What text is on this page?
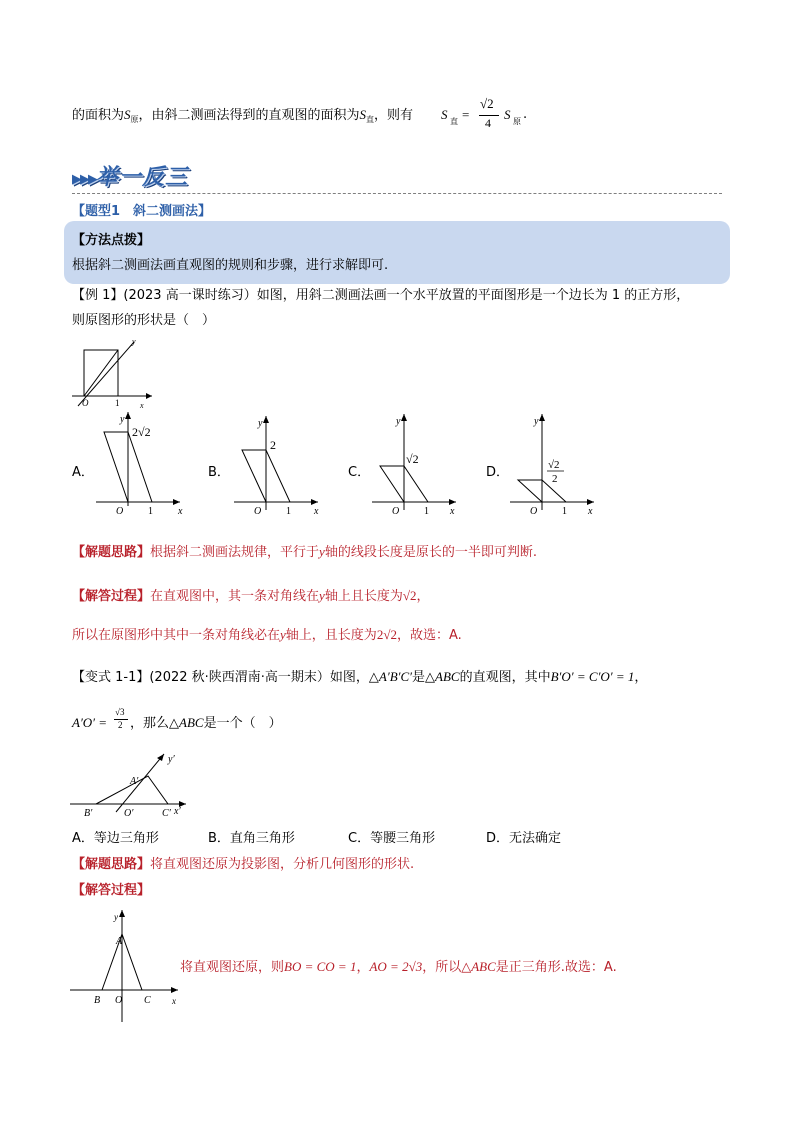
的面积为$S_原$，由斜二测画法得到的直观图的面积为$S_直$，则有 S 直 =
√2
4
S 原 .
▶▶▶举一反三
【题型1　斜二测画法】
【方法点拨】
根据斜二测画法画直观图的规则和步骤，进行求解即可.
【例 1】(2023 高一课时练习）如图，用斜二测画法画一个水平放置的平面图形是一个边长为 1 的正方形，
则原图形的形状是（　）
y
x
O	1
A．
y
x
O 1
2√2
B．
y
x
O 1
2
C．
y
x
O 1
√2
D．
y
x
O 1
√2
2
【解题思路】根据斜二测画法规律，平行于y轴的线段长度是原长的一半即可判断.
【解答过程】在直观图中，其一条对角线在y轴上且长度为√2，
所以在原图形中其中一条对角线必在y轴上，且长度为2√2，故选：A.
【变式 1-1】(2022 秋·陕西渭南·高一期末）如图，△A′B′C′是△ABC的直观图，其中B′O′ = C′O′ = 1，
A′O′ =
√3
2 ，那么△ABC是一个（　）
A′
B′	O′	C′ x′
y′
A．等边三角形	B．直角三角形	C．等腰三角形	D．无法确定
【解题思路】将直观图还原为投影图，分析几何图形的形状.
【解答过程】
y
A
B O C x
将直观图还原，则BO = CO = 1，AO = 2√3，所以△ABC是正三角形.故选：A.
